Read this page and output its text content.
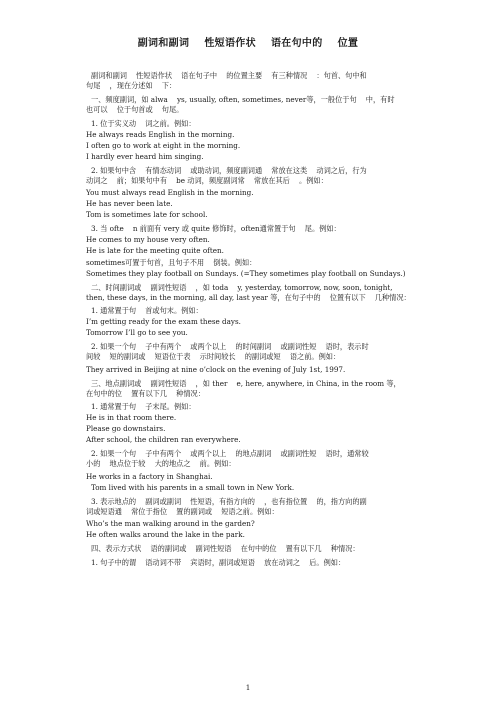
副词和副词    性短语作状    语在句中的    位置
副词和副词    性短语作状    语在句子中    的位置主要    有三种情况    ：句首、句中和
句尾    ，现在分述如    下：
一、频度副词，如 alwa    ys, usually, often, sometimes, never等，一般位于句    中，有时
也可以    位于句首或    句尾。
1. 位于实义动    词之前。例如：
He always reads English in the morning.
I often go to work at eight in the morning.
I hardly ever heard him singing.
2. 如果句中含    有情态动词    或助动词，频度副词通    常放在这类    动词之后，行为
动词之    前；如果句中有    be 动词，频度副词常    常放在其后    。例如：
You must always read English in the morning.
He has never been late.
Tom is sometimes late for school.
3. 当 ofte    n 前面有 very 或 quite 修饰时，often通常置于句    尾。例如：
He comes to my house very often.
He is late for the meeting quite often.
sometimes可置于句首，且句子不用    倒装。例如：
Sometimes they play football on Sundays. (=They sometimes play football on Sundays.)
二、时间副词或    副词性短语    ，如 toda    y, yesterday, tomorrow, now, soon, tonight,
then, these days, in the morning, all day, last year 等，在句子中的    位置有以下    几种情况：
1. 通常置于句    首或句末。例如：
I’m getting ready for the exam these days.
Tomorrow I’ll go to see you.
2. 如果一个句    子中有两个    或两个以上    的时间副词    或副词性短    语时，表示时
间较    短的副词或    短语位于表    示时间较长    的副词或短    语之前。例如：
They arrived in Beijing at nine o’clock on the evening of July 1st, 1997.
三、地点副词或    副词性短语    ，如 ther    e, here, anywhere, in China, in the room 等，
在句中的位    置有以下几    种情况：
1. 通常置于句    子末尾。例如：
He is in that room there.
Please go downstairs.
After school, the children ran everywhere.
2. 如果一个句    子中有两个    或两个以上    的地点副词    或副词性短    语时，通常较
小的    地点位于较    大的地点之    前。例如：
He works in a factory in Shanghai.
Tom lived with his parents in a small town in New York.
3. 表示地点的    副词或副词    性短语，有指方向的    ，也有指位置    的，指方向的副
词或短语通    常位于指位    置的副词或    短语之前。例如：
Who’s the man walking around in the garden?
He often walks around the lake in the park.
四、表示方式状    语的副词或    副词性短语    在句中的位    置有以下几    种情况：
1. 句子中的谓    语动词不带    宾语时，副词或短语    放在动词之    后。例如：
1
